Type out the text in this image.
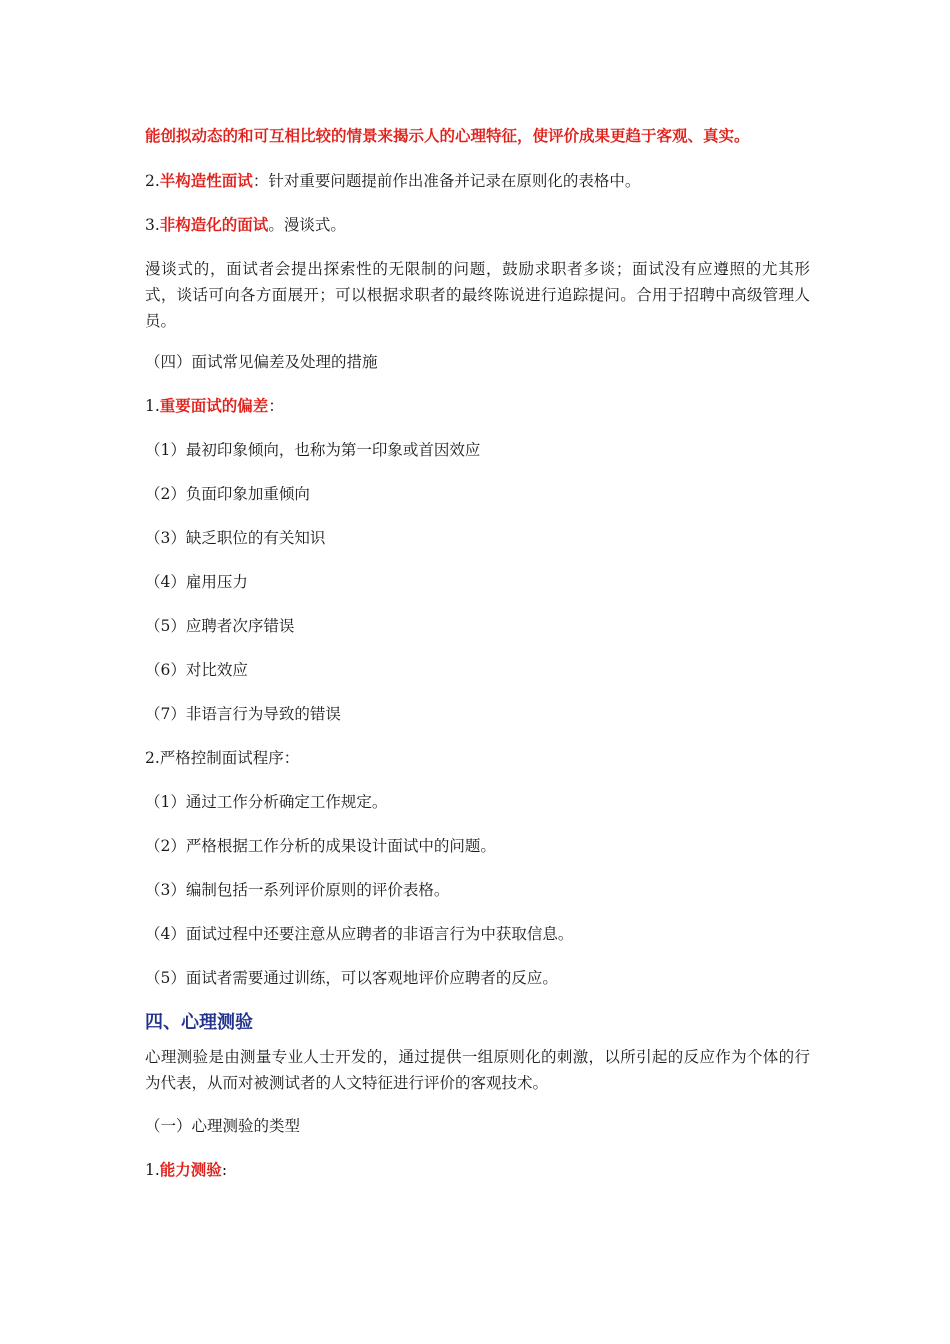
能创拟动态的和可互相比较的情景来揭示人的心理特征，使评价成果更趋于客观、真实。
2.半构造性面试：针对重要问题提前作出准备并记录在原则化的表格中。
3.非构造化的面试。漫谈式。
漫谈式的，面试者会提出探索性的无限制的问题，鼓励求职者多谈；面试没有应遵照的尤其形式，谈话可向各方面展开；可以根据求职者的最终陈说进行追踪提问。合用于招聘中高级管理人员。
（四）面试常见偏差及处理的措施
1.重要面试的偏差：
（1）最初印象倾向，也称为第一印象或首因效应
（2）负面印象加重倾向
（3）缺乏职位的有关知识
（4）雇用压力
（5）应聘者次序错误
（6）对比效应
（7）非语言行为导致的错误
2.严格控制面试程序：
（1）通过工作分析确定工作规定。
（2）严格根据工作分析的成果设计面试中的问题。
（3）编制包括一系列评价原则的评价表格。
（4）面试过程中还要注意从应聘者的非语言行为中获取信息。
（5）面试者需要通过训练，可以客观地评价应聘者的反应。
四、心理测验
心理测验是由测量专业人士开发的，通过提供一组原则化的刺激，以所引起的反应作为个体的行为代表，从而对被测试者的人文特征进行评价的客观技术。
（一）心理测验的类型
1.能力测验:
